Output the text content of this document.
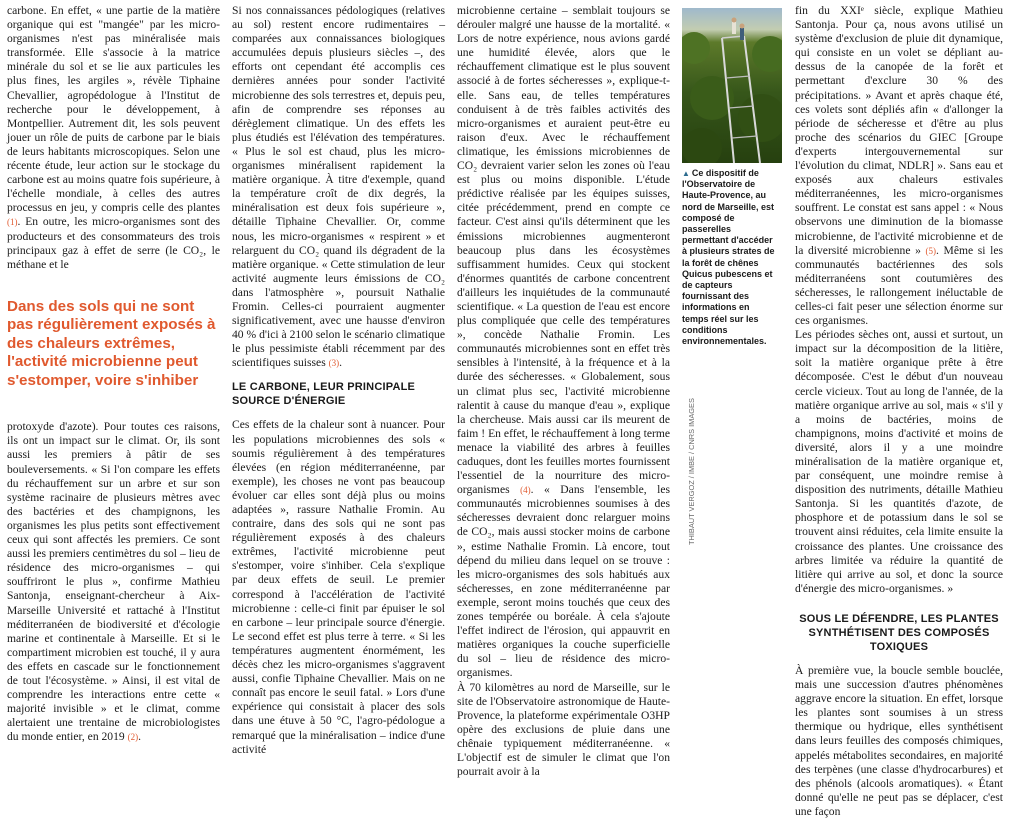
carbone. En effet, « une partie de la matière organique qui est "mangée" par les micro-organismes n'est pas minéralisée mais transformée. Elle s'associe à la matrice minérale du sol et se lie aux particules les plus fines, les argiles », révèle Tiphaine Chevallier, agropédologue à l'Institut de recherche pour le développement, à Montpellier. Autrement dit, les sols peuvent jouer un rôle de puits de carbone par le biais de leurs habitants microscopiques. Selon une récente étude, leur action sur le stockage du carbone est au moins quatre fois supérieure, à l'échelle mondiale, à celles des autres processus en jeu, y compris celle des plantes (1). En outre, les micro-organismes sont des producteurs et des consommateurs des trois principaux gaz à effet de serre (le CO₂, le méthane et le

Dans des sols qui ne sont pas régulièrement exposés à des chaleurs extrêmes, l'activité microbienne peut s'estomper, voire s'inhiber

protoxyde d'azote). Pour toutes ces raisons, ils ont un impact sur le climat. Or, ils sont aussi les premiers à pâtir de ses bouleversements. « Si l'on compare les effets du réchauffement sur un arbre et sur son système racinaire de plusieurs mètres avec des bactéries et des champignons, les organismes les plus petits sont effectivement ceux qui sont affectés les premiers. Ce sont aussi les premiers centimètres du sol – lieu de résidence des micro-organismes – qui souffriront le plus », confirme Mathieu Santonja, enseignant-chercheur à Aix-Marseille Université et rattaché à l'Institut méditerranéen de biodiversité et d'écologie marine et continentale à Marseille. Et si le compartiment microbien est touché, il y aura des effets en cascade sur le fonctionnement de tout l'écosystème. » Ainsi, il est vital de comprendre les interactions entre cette « majorité invisible » et le climat, comme alertaient une trentaine de microbiologistes du monde entier, en 2019 (2).

Si nos connaissances pédologiques (relatives au sol) restent encore rudimentaires – comparées aux connaissances biologiques accumulées depuis plusieurs siècles –, des efforts ont cependant été accomplis ces dernières années pour sonder l'activité microbienne des sols terrestres et, depuis peu, afin de comprendre ses réponses au dérèglement climatique. Un des effets les plus étudiés est l'élévation des températures. « Plus le sol est chaud, plus les micro-organismes minéralisent rapidement la matière organique. À titre d'exemple, quand la température croît de dix degrés, la minéralisation est deux fois supérieure », détaille Tiphaine Chevallier. Or, comme nous, les micro-organismes « respirent » et relarguent du CO₂ quand ils dégradent de la matière organique. « Cette stimulation de leur activité augmente leurs émissions de CO₂ dans l'atmosphère », poursuit Nathalie Fromin. Celles-ci pourraient augmenter significativement, avec une hausse d'environ 40 % d'ici à 2100 selon le scénario climatique le plus pessimiste établi récemment par des scientifiques suisses (3).

LE CARBONE, LEUR PRINCIPALE SOURCE D'ÉNERGIE

Ces effets de la chaleur sont à nuancer. Pour les populations microbiennes des sols « soumis régulièrement à des températures élevées (en région méditerranéenne, par exemple), les choses ne vont pas beaucoup évoluer car elles sont déjà plus ou moins adaptées », rassure Nathalie Fromin. Au contraire, dans des sols qui ne sont pas régulièrement exposés à des chaleurs extrêmes, l'activité microbienne peut s'estomper, voire s'inhiber. Cela s'explique par deux effets de seuil. Le premier correspond à l'accélération de l'activité microbienne : celle-ci finit par épuiser le sol en carbone – leur principale source d'énergie. Le second effet est plus terre à terre. « Si les températures augmentent énormément, les décès chez les micro-organismes s'aggravent aussi, confie Tiphaine Chevallier. Mais on ne connaît pas encore le seuil fatal. » Lors d'une expérience qui consistait à placer des sols dans une étuve à 50 °C, l'agro-pédologue a remarqué que la minéralisation – indice d'une activité

microbienne certaine – semblait toujours se dérouler malgré une hausse de la mortalité. « Lors de notre expérience, nous avions gardé une humidité élevée, alors que le réchauffement climatique est le plus souvent associé à de fortes sécheresses », explique-t-elle. Sans eau, de telles températures conduisent à de très faibles activités des micro-organismes et auraient peut-être eu raison d'eux. Avec le réchauffement climatique, les émissions microbiennes de CO₂ devraient varier selon les zones où l'eau est plus ou moins disponible. L'étude prédictive réalisée par les équipes suisses, citée précédemment, prend en compte ce facteur. C'est ainsi qu'ils déterminent que les émissions microbiennes augmenteront beaucoup plus dans les écosystèmes suffisamment humides. Ceux qui stockent d'énormes quantités de carbone concentrent d'ailleurs les inquiétudes de la communauté scientifique. « La question de l'eau est encore plus compliquée que celle des températures », concède Nathalie Fromin. Les communautés microbiennes sont en effet très sensibles à l'intensité, à la fréquence et à la durée des sécheresses. « Globalement, sous un climat plus sec, l'activité microbienne ralentit à cause du manque d'eau », explique la chercheuse. Mais aussi car ils meurent de faim ! En effet, le réchauffement à long terme menace la viabilité des arbres à feuilles caduques, dont les feuilles mortes fournissent l'essentiel de la nourriture des micro-organismes (4). « Dans l'ensemble, les communautés microbiennes soumises à des sécheresses devraient donc relarguer moins de CO₂, mais aussi stocker moins de carbone », estime Nathalie Fromin. Là encore, tout dépend du milieu dans lequel on se trouve : les micro-organismes des sols habitués aux sécheresses, en zone méditerranéenne par exemple, seront moins touchés que ceux des zones tempérée ou boréale. À cela s'ajoute l'effet indirect de l'érosion, qui appauvrit en matières organiques la couche superficielle du sol – lieu de résidence des micro-organismes.

À 70 kilomètres au nord de Marseille, sur le site de l'Observatoire astronomique de Haute-Provence, la plateforme expérimentale O3HP opère des exclusions de pluie dans une chênaie typiquement méditerranéenne. « L'objectif est de simuler le climat que l'on pourrait avoir à la

▲ Ce dispositif de l'Observatoire de Haute-Provence, au nord de Marseille, est composé de passerelles permettant d'accéder à plusieurs strates de la forêt de chênes Quicus pubescens et de capteurs fournissant des informations en temps réel sur les conditions environnementales.
THIBAUT VERGOZ / IMBE / CNRS IMAGES

fin du XXIᵉ siècle, explique Mathieu Santonja. Pour ça, nous avons utilisé un système d'exclusion de pluie dit dynamique, qui consiste en un volet se dépliant au-dessus de la canopée de la forêt et permettant d'exclure 30 % des précipitations. » Avant et après chaque été, ces volets sont dépliés afin « d'allonger la période de sécheresse et d'être au plus proche des scénarios du GIEC [Groupe d'experts intergouvernemental sur l'évolution du climat, NDLR] ». Sans eau et exposés aux chaleurs estivales méditerranéennes, les micro-organismes souffrent. Le constat est sans appel : « Nous observons une diminution de la biomasse microbienne, de l'activité microbienne et de la diversité microbienne » (5). Même si les communautés bactériennes des sols méditerranéens sont coutumières des sécheresses, le rallongement inéluctable de celles-ci fait peser une sélection énorme sur ces organismes.

Les périodes sèches ont, aussi et surtout, un impact sur la décomposition de la litière, soit la matière organique prête à être décomposée. C'est le début d'un nouveau cercle vicieux. Tout au long de l'année, de la matière organique arrive au sol, mais « s'il y a moins de bactéries, moins de champignons, moins d'activité et moins de diversité, alors il y a une moindre minéralisation de la matière organique et, par conséquent, une moindre remise à disposition des nutriments, détaille Mathieu Santonja. Si les quantités d'azote, de phosphore et de potassium dans le sol se trouvent ainsi réduites, cela limite ensuite la croissance des plantes. Une croissance des arbres limitée va réduire la quantité de litière qui arrive au sol, et donc la source d'énergie des micro-organismes. »

SOUS LE DÉFENDRE, LES PLANTES SYNTHÉTISENT DES COMPOSÉS TOXIQUES

À première vue, la boucle semble bouclée, mais une succession d'autres phénomènes aggrave encore la situation. En effet, lorsque les plantes sont soumises à un stress thermique ou hydrique, elles synthétisent dans leurs feuilles des composés chimiques, appelés métabolites secondaires, en majorité des terpènes (une classe d'hydrocarbures) et des phénols (alcools aromatiques). « Étant donné qu'elle ne peut pas se déplacer, c'est une façon
